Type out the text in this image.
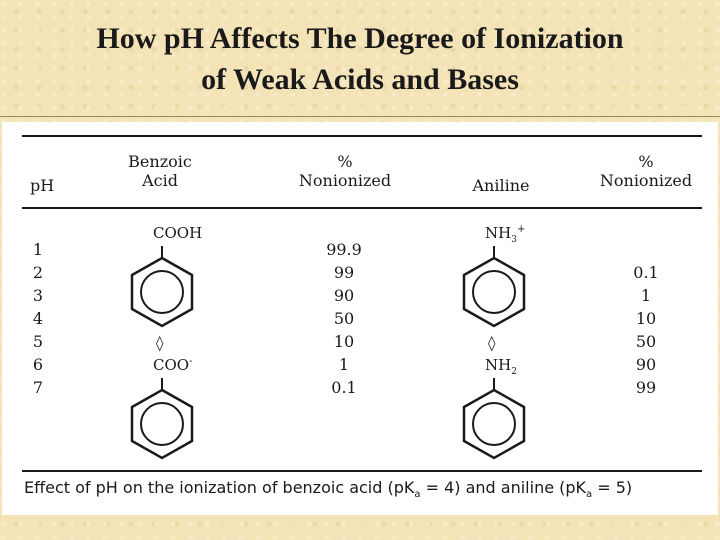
How pH Affects The Degree of Ionization
of Weak Acids and Bases
pH
Benzoic
Acid
%
Nonionized	Aniline
%
Nonionized
1
2
3
4
5
6
7
99.9
99
90
50
10
1
0.1
0.1
1
10
50
90
99
COOH
◊
COO-
$NH_3^+$
◊
$NH_2$
Effect of pH on the ionization of benzoic acid $(pK_a = 4)$ and aniline $(pK_a = 5)$
